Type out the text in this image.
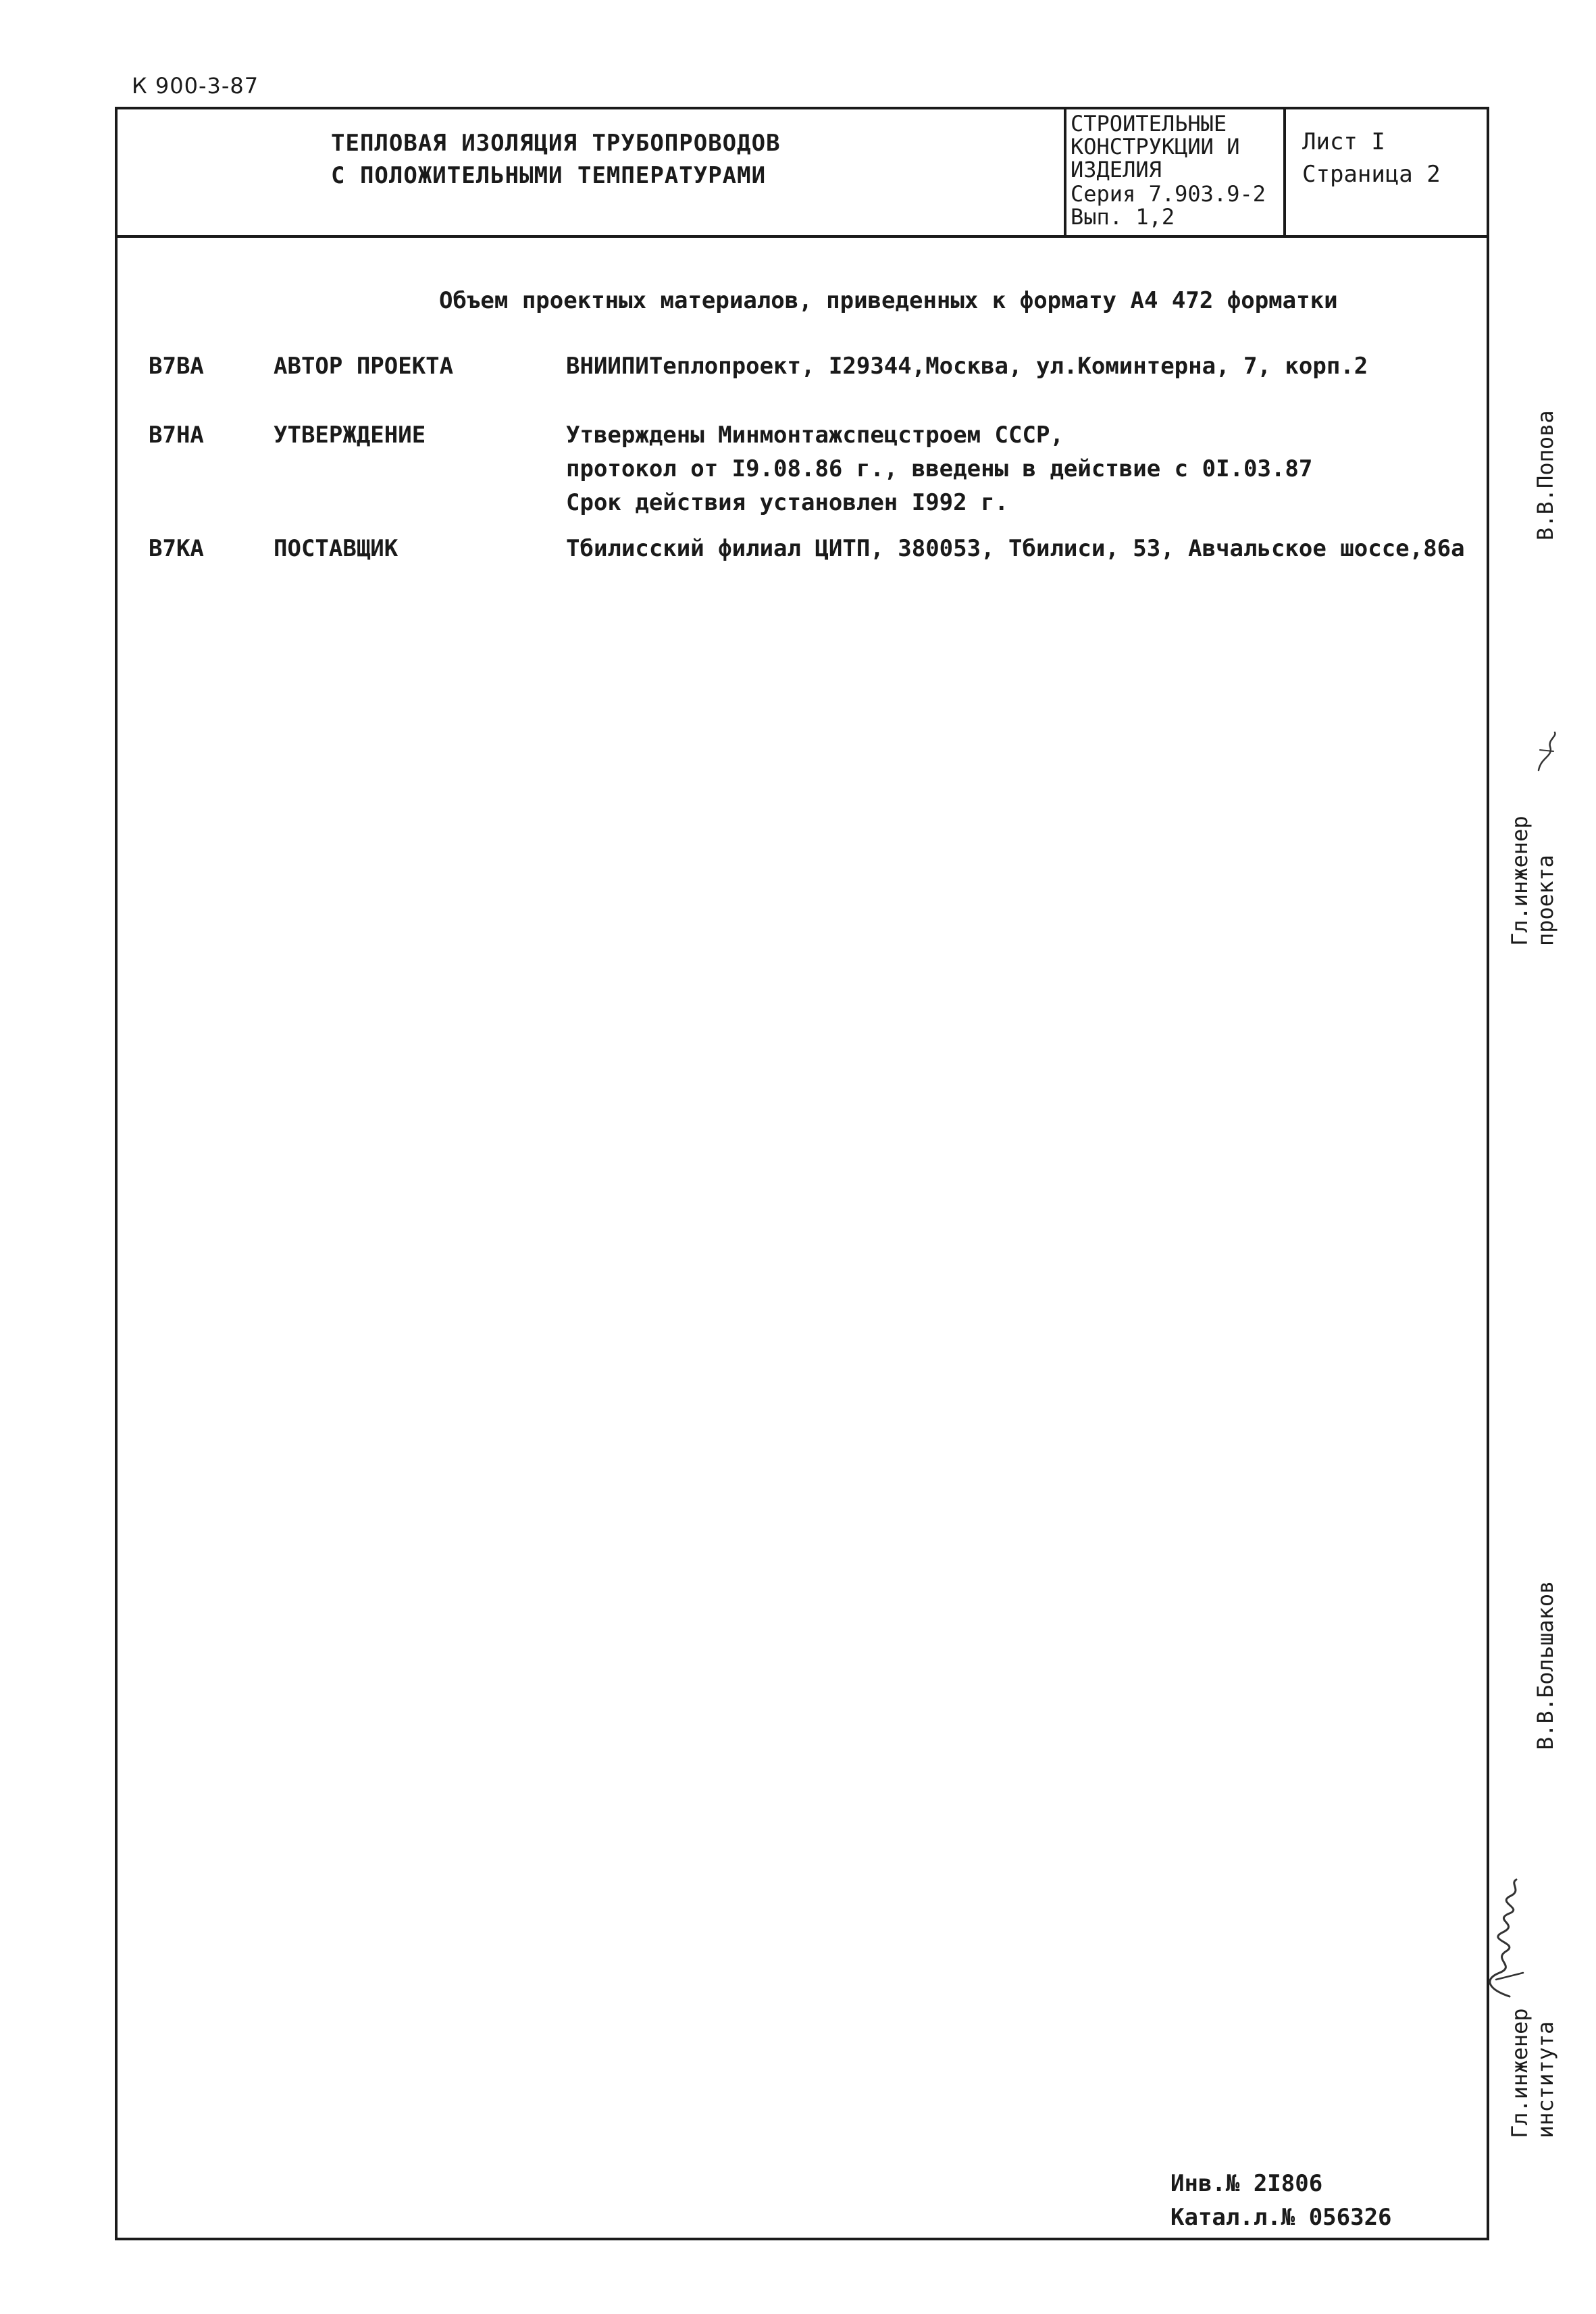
К 900-3-87
ТЕПЛОВАЯ ИЗОЛЯЦИЯ ТРУБОПРОВОДОВ
С ПОЛОЖИТЕЛЬНЫМИ ТЕМПЕРАТУРАМИ
СТРОИТЕЛЬНЫЕ
КОНСТРУКЦИИ И
ИЗДЕЛИЯ
Серия 7.903.9-2
Вып. 1,2
Лист I
Страница 2
Объем проектных материалов, приведенных к формату А4 472 форматки
В7ВА	АВТОР ПРОЕКТА	ВНИИПИТеплопроект, I29344,Москва, ул.Коминтерна, 7, корп.2
В7НА	УТВЕРЖДЕНИЕ	Утверждены Минмонтажспецстроем СССР,
протокол от I9.08.86 г., введены в действие с 0I.03.87
Срок действия установлен I992 г.
В7КА	ПОСТАВЩИК	Тбилисский филиал ЦИТП, 380053, Тбилиси, 53, Авчальское шоссе,86а
В.В.Попова
Гл.инженер проекта
Гл.инженер института
В.В.Большаков
Инв.№ 2I806
Катал.л.№ 056326
